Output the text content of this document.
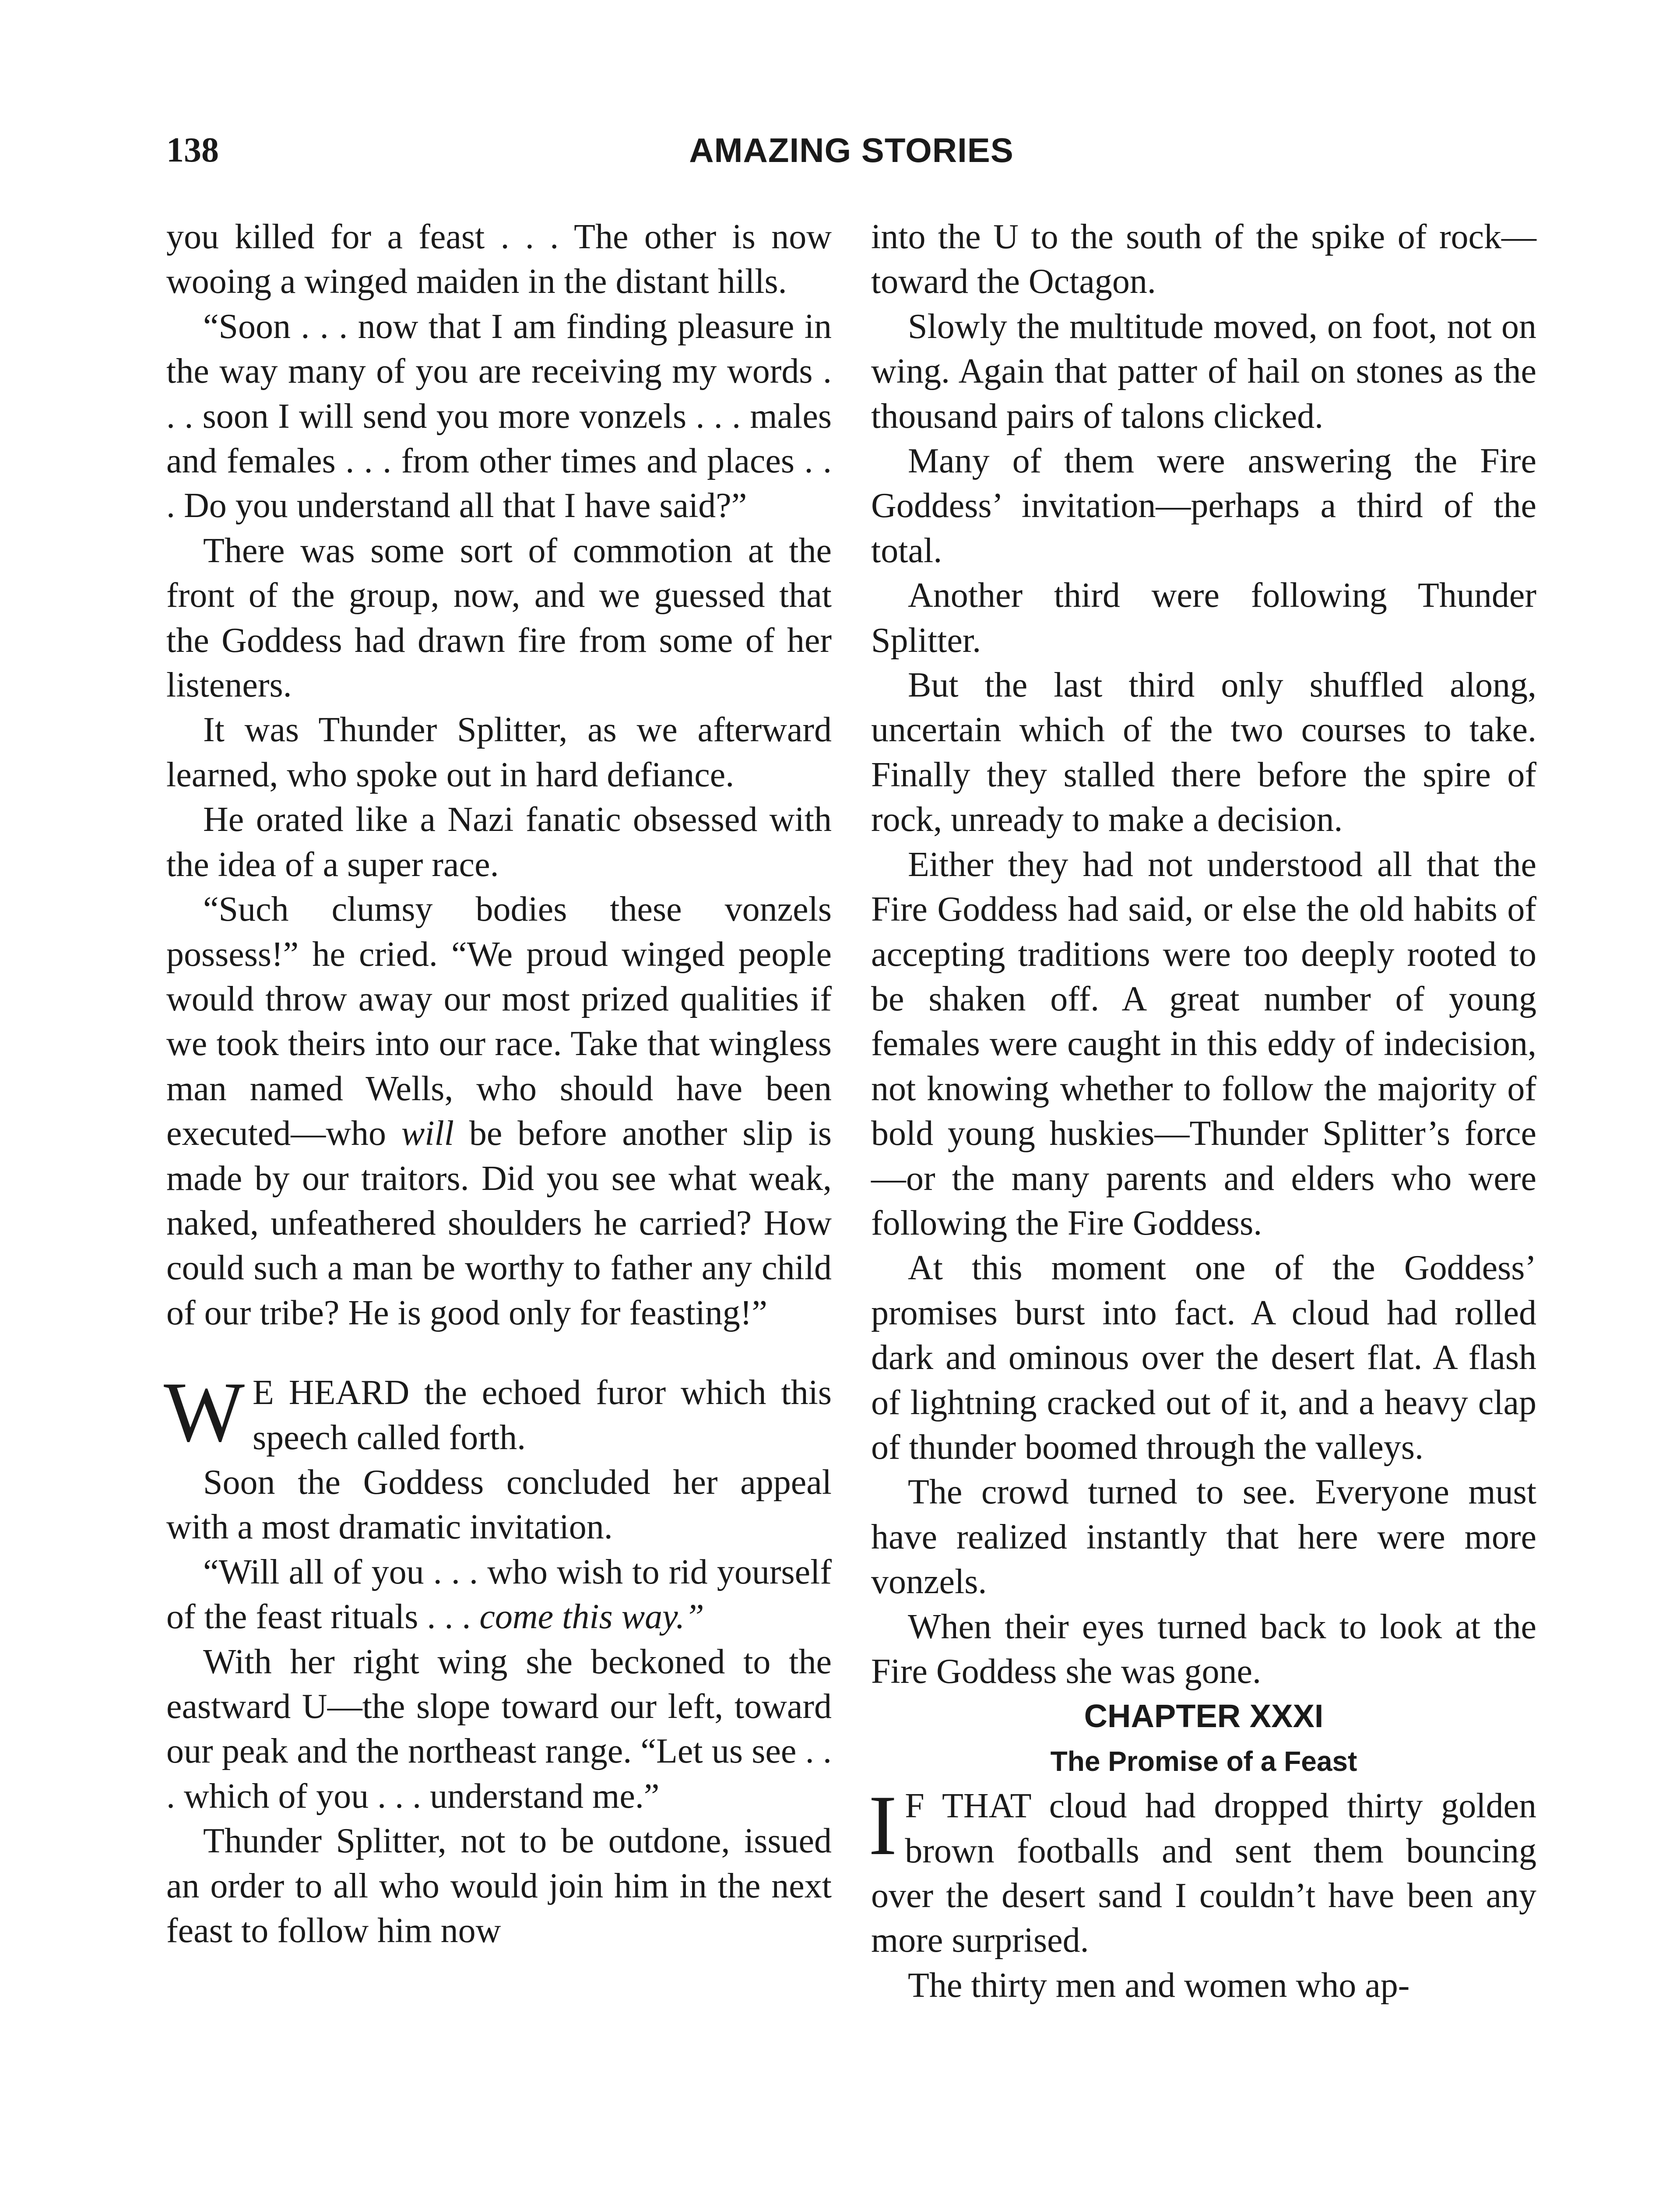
138	AMAZING STORIES

you killed for a feast . . . The other is now wooing a winged maiden in the distant hills.

“Soon . . . now that I am finding pleasure in the way many of you are receiving my words . . . soon I will send you more vonzels . . . males and females . . . from other times and places . . . Do you understand all that I have said?”

There was some sort of commotion at the front of the group, now, and we guessed that the Goddess had drawn fire from some of her listeners.

It was Thunder Splitter, as we afterward learned, who spoke out in hard defiance.

He orated like a Nazi fanatic obsessed with the idea of a super race.

“Such clumsy bodies these vonzels possess!” he cried. “We proud winged people would throw away our most prized qualities if we took theirs into our race. Take that wingless man named Wells, who should have been executed—who will be before another slip is made by our traitors. Did you see what weak, naked, unfeathered shoulders he carried? How could such a man be worthy to father any child of our tribe? He is good only for feasting!”

W E HEARD the echoed furor which this speech called forth.

Soon the Goddess concluded her appeal with a most dramatic invitation.

“Will all of you . . . who wish to rid yourself of the feast rituals . . . come this way.”

With her right wing she beckoned to the eastward U—the slope toward our left, toward our peak and the northeast range. “Let us see . . . which of you . . . understand me.”

Thunder Splitter, not to be outdone, issued an order to all who would join him in the next feast to follow him now

into the U to the south of the spike of rock—toward the Octagon.

Slowly the multitude moved, on foot, not on wing. Again that patter of hail on stones as the thousand pairs of talons clicked.

Many of them were answering the Fire Goddess’ invitation—perhaps a third of the total.

Another third were following Thunder Splitter.

But the last third only shuffled along, uncertain which of the two courses to take. Finally they stalled there before the spire of rock, unready to make a decision.

Either they had not understood all that the Fire Goddess had said, or else the old habits of accepting traditions were too deeply rooted to be shaken off. A great number of young females were caught in this eddy of indecision, not knowing whether to follow the majority of bold young huskies—Thunder Splitter’s force—or the many parents and elders who were following the Fire Goddess.

At this moment one of the Goddess’ promises burst into fact. A cloud had rolled dark and ominous over the desert flat. A flash of lightning cracked out of it, and a heavy clap of thunder boomed through the valleys.

The crowd turned to see. Everyone must have realized instantly that here were more vonzels.

When their eyes turned back to look at the Fire Goddess she was gone.

CHAPTER XXXI

The Promise of a Feast

I F THAT cloud had dropped thirty golden brown footballs and sent them bouncing over the desert sand I couldn’t have been any more surprised.

The thirty men and women who ap-
